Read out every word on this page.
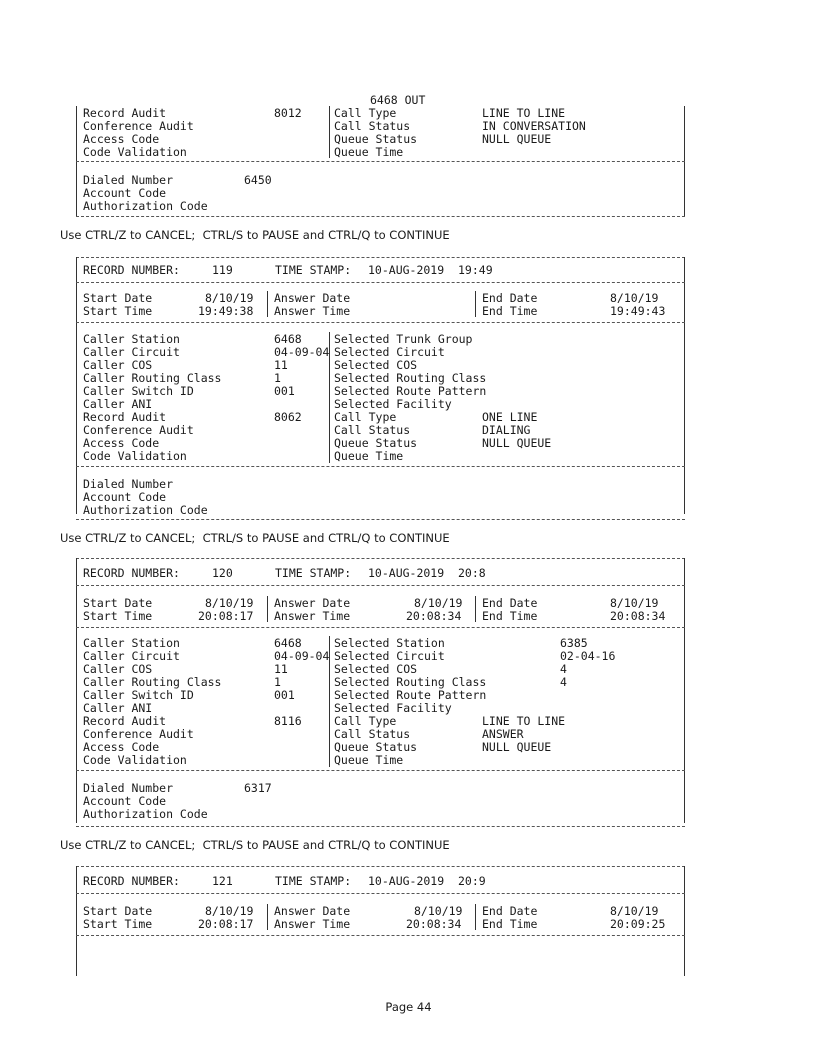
6468 OUT
Record Audit	8012
Conference Audit
Access Code
Code Validation
Call Type	LINE TO LINE
Call Status	IN CONVERSATION
Queue Status	NULL QUEUE
Queue Time
Dialed Number	6450
Account Code
Authorization Code
Use CTRL/Z to CANCEL;  CTRL/S to PAUSE and CTRL/Q to CONTINUE
RECORD NUMBER:	119	TIME STAMP: 10-AUG-2019  19:49
Start Date	8/10/19
Start Time	19:49:38
Answer Date
Answer Time
End Date	8/10/19
End Time	19:49:43
Caller Station	6468
Caller Circuit	04-09-04
Caller COS	11
Caller Routing Class	1
Caller Switch ID	001
Caller ANI
Record Audit	8062
Conference Audit
Access Code
Code Validation
Selected Trunk Group
Selected Circuit
Selected COS
Selected Routing Class
Selected Route Pattern
Selected Facility
Call Type	ONE LINE
Call Status	DIALING
Queue Status	NULL QUEUE
Queue Time
Dialed Number
Account Code
Authorization Code
Use CTRL/Z to CANCEL;  CTRL/S to PAUSE and CTRL/Q to CONTINUE
RECORD NUMBER:	120	TIME STAMP: 10-AUG-2019  20:8
Start Date	8/10/19
Start Time	20:08:17
Answer Date	8/10/19
Answer Time	20:08:34
End Date	8/10/19
End Time	20:08:34
Caller Station	6468
Caller Circuit	04-09-04
Caller COS	11
Caller Routing Class	1
Caller Switch ID	001
Caller ANI
Record Audit	8116
Conference Audit
Access Code
Code Validation
Selected Station	6385
Selected Circuit	02-04-16
Selected COS	4
Selected Routing Class	4
Selected Route Pattern
Selected Facility
Call Type	LINE TO LINE
Call Status	ANSWER
Queue Status	NULL QUEUE
Queue Time
Dialed Number	6317
Account Code
Authorization Code
Use CTRL/Z to CANCEL;  CTRL/S to PAUSE and CTRL/Q to CONTINUE
RECORD NUMBER:	121	TIME STAMP: 10-AUG-2019  20:9
Start Date	8/10/19
Start Time	20:08:17
Answer Date	8/10/19
Answer Time	20:08:34
End Date	8/10/19
End Time	20:09:25
Page 44
